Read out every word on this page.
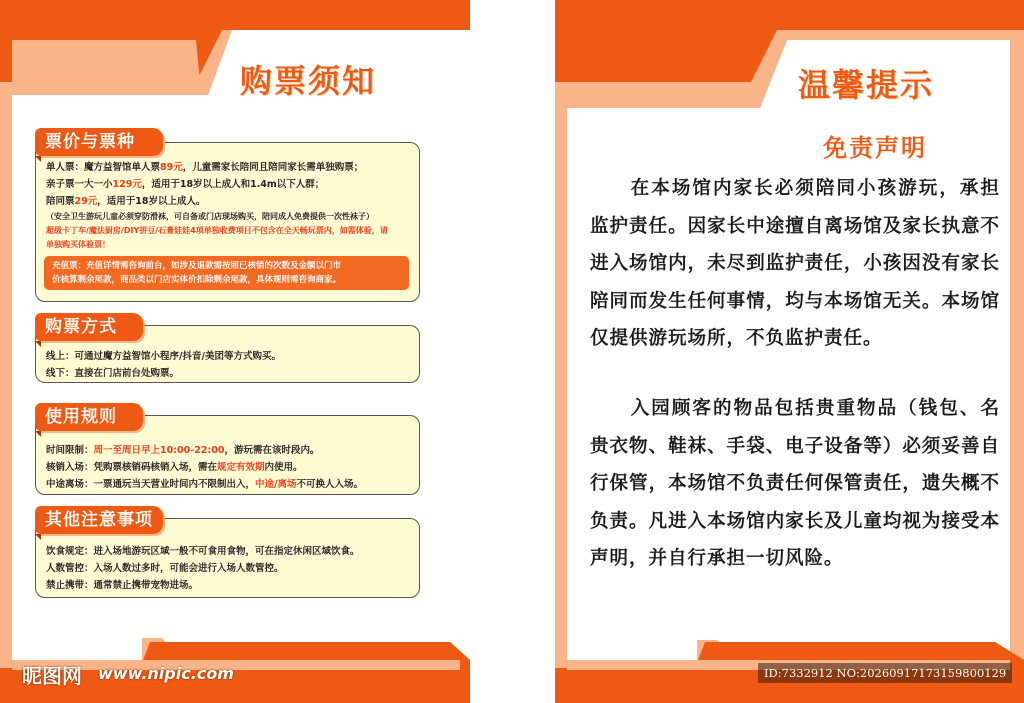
购票须知
单人票：魔方益智馆单人票89元，儿童需家长陪同且陪同家长需单独购票；
亲子票一大一小129元，适用于18岁以上成人和1.4m以下人群；
陪同票29元，适用于18岁以上成人。
（安全卫生游玩儿童必须穿防滑袜，可自备或门店现场购买，陪同成人免费提供一次性袜子）
超级卡丁车/魔法厨房/DIY拼豆/石膏娃娃4项单独收费项目不包含在全天畅玩票内，如需体验，请
单独购买体验票！
充值票：充值详情需咨询前台，如涉及退款需按照已核销的次数及金额以门市
价核算剩余尾款，商品类以门店实体价扣除剩余尾款，具体规则需咨询商家。
票价与票种
线上：可通过魔方益智馆小程序/抖音/美团等方式购买。
线下：直接在门店前台处购票。
购票方式
时间限制：周一至周日早上10:00-22:00，游玩需在该时段内。
核销入场：凭购票核销码核销入场，需在规定有效期内使用。
中途离场：一票通玩当天营业时间内不限制出入，中途/离场不可换人入场。
使用规则
饮食规定：进入场地游玩区域一般不可食用食物，可在指定休闲区域饮食。
人数管控：入场人数过多时，可能会进行入场人数管控。
禁止携带：通常禁止携带宠物进场。
其他注意事项
昵图网 www.nipic.com
温馨提示
免责声明
在本场馆内家长必须陪同小孩游玩，承担监护责任。因家长中途擅自离场馆及家长执意不进入场馆内，未尽到监护责任，小孩因没有家长陪同而发生任何事情，均与本场馆无关。本场馆仅提供游玩场所，不负监护责任。
入园顾客的物品包括贵重物品（钱包、名贵衣物、鞋袜、手袋、电子设备等）必须妥善自行保管，本场馆不负责任何保管责任，遗失概不负责。凡进入本场馆内家长及儿童均视为接受本声明，并自行承担一切风险。
ID:7332912 NO:20260917173159800129
